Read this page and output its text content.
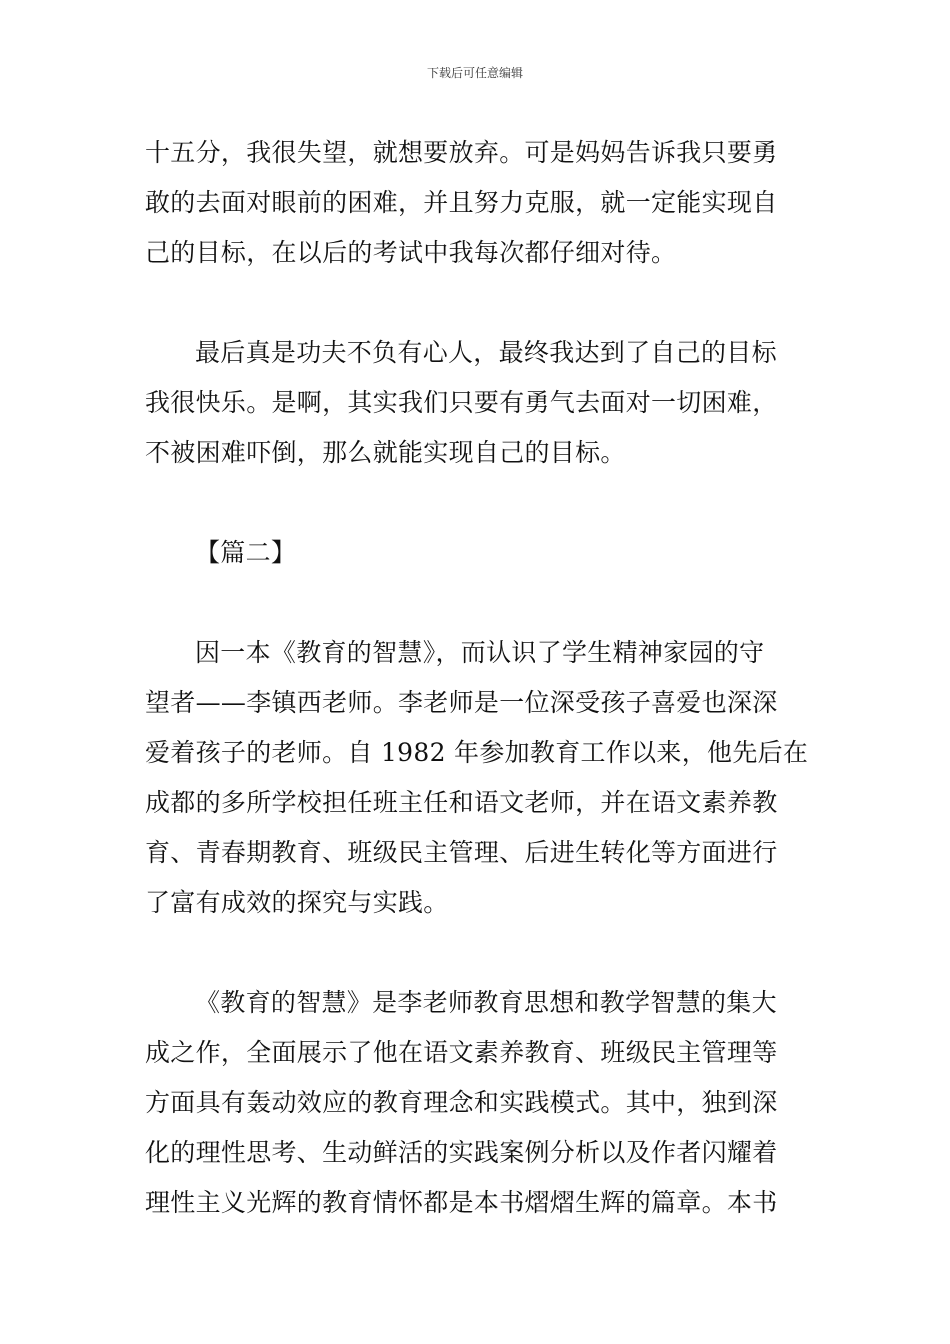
下载后可任意编辑
十五分，我很失望，就想要放弃。可是妈妈告诉我只要勇
敢的去面对眼前的困难，并且努力克服，就一定能实现自
己的目标，在以后的考试中我每次都仔细对待。
最后真是功夫不负有心人，最终我达到了自己的目标
我很快乐。是啊，其实我们只要有勇气去面对一切困难，
不被困难吓倒，那么就能实现自己的目标。
【篇二】
因一本《教育的智慧》，而认识了学生精神家园的守
望者——李镇西老师。李老师是一位深受孩子喜爱也深深
爱着孩子的老师。自 1982 年参加教育工作以来，他先后在
成都的多所学校担任班主任和语文老师，并在语文素养教
育、青春期教育、班级民主管理、后进生转化等方面进行
了富有成效的探究与实践。
《教育的智慧》是李老师教育思想和教学智慧的集大
成之作，全面展示了他在语文素养教育、班级民主管理等
方面具有轰动效应的教育理念和实践模式。其中，独到深
化的理性思考、生动鲜活的实践案例分析以及作者闪耀着
理性主义光辉的教育情怀都是本书熠熠生辉的篇章。本书
